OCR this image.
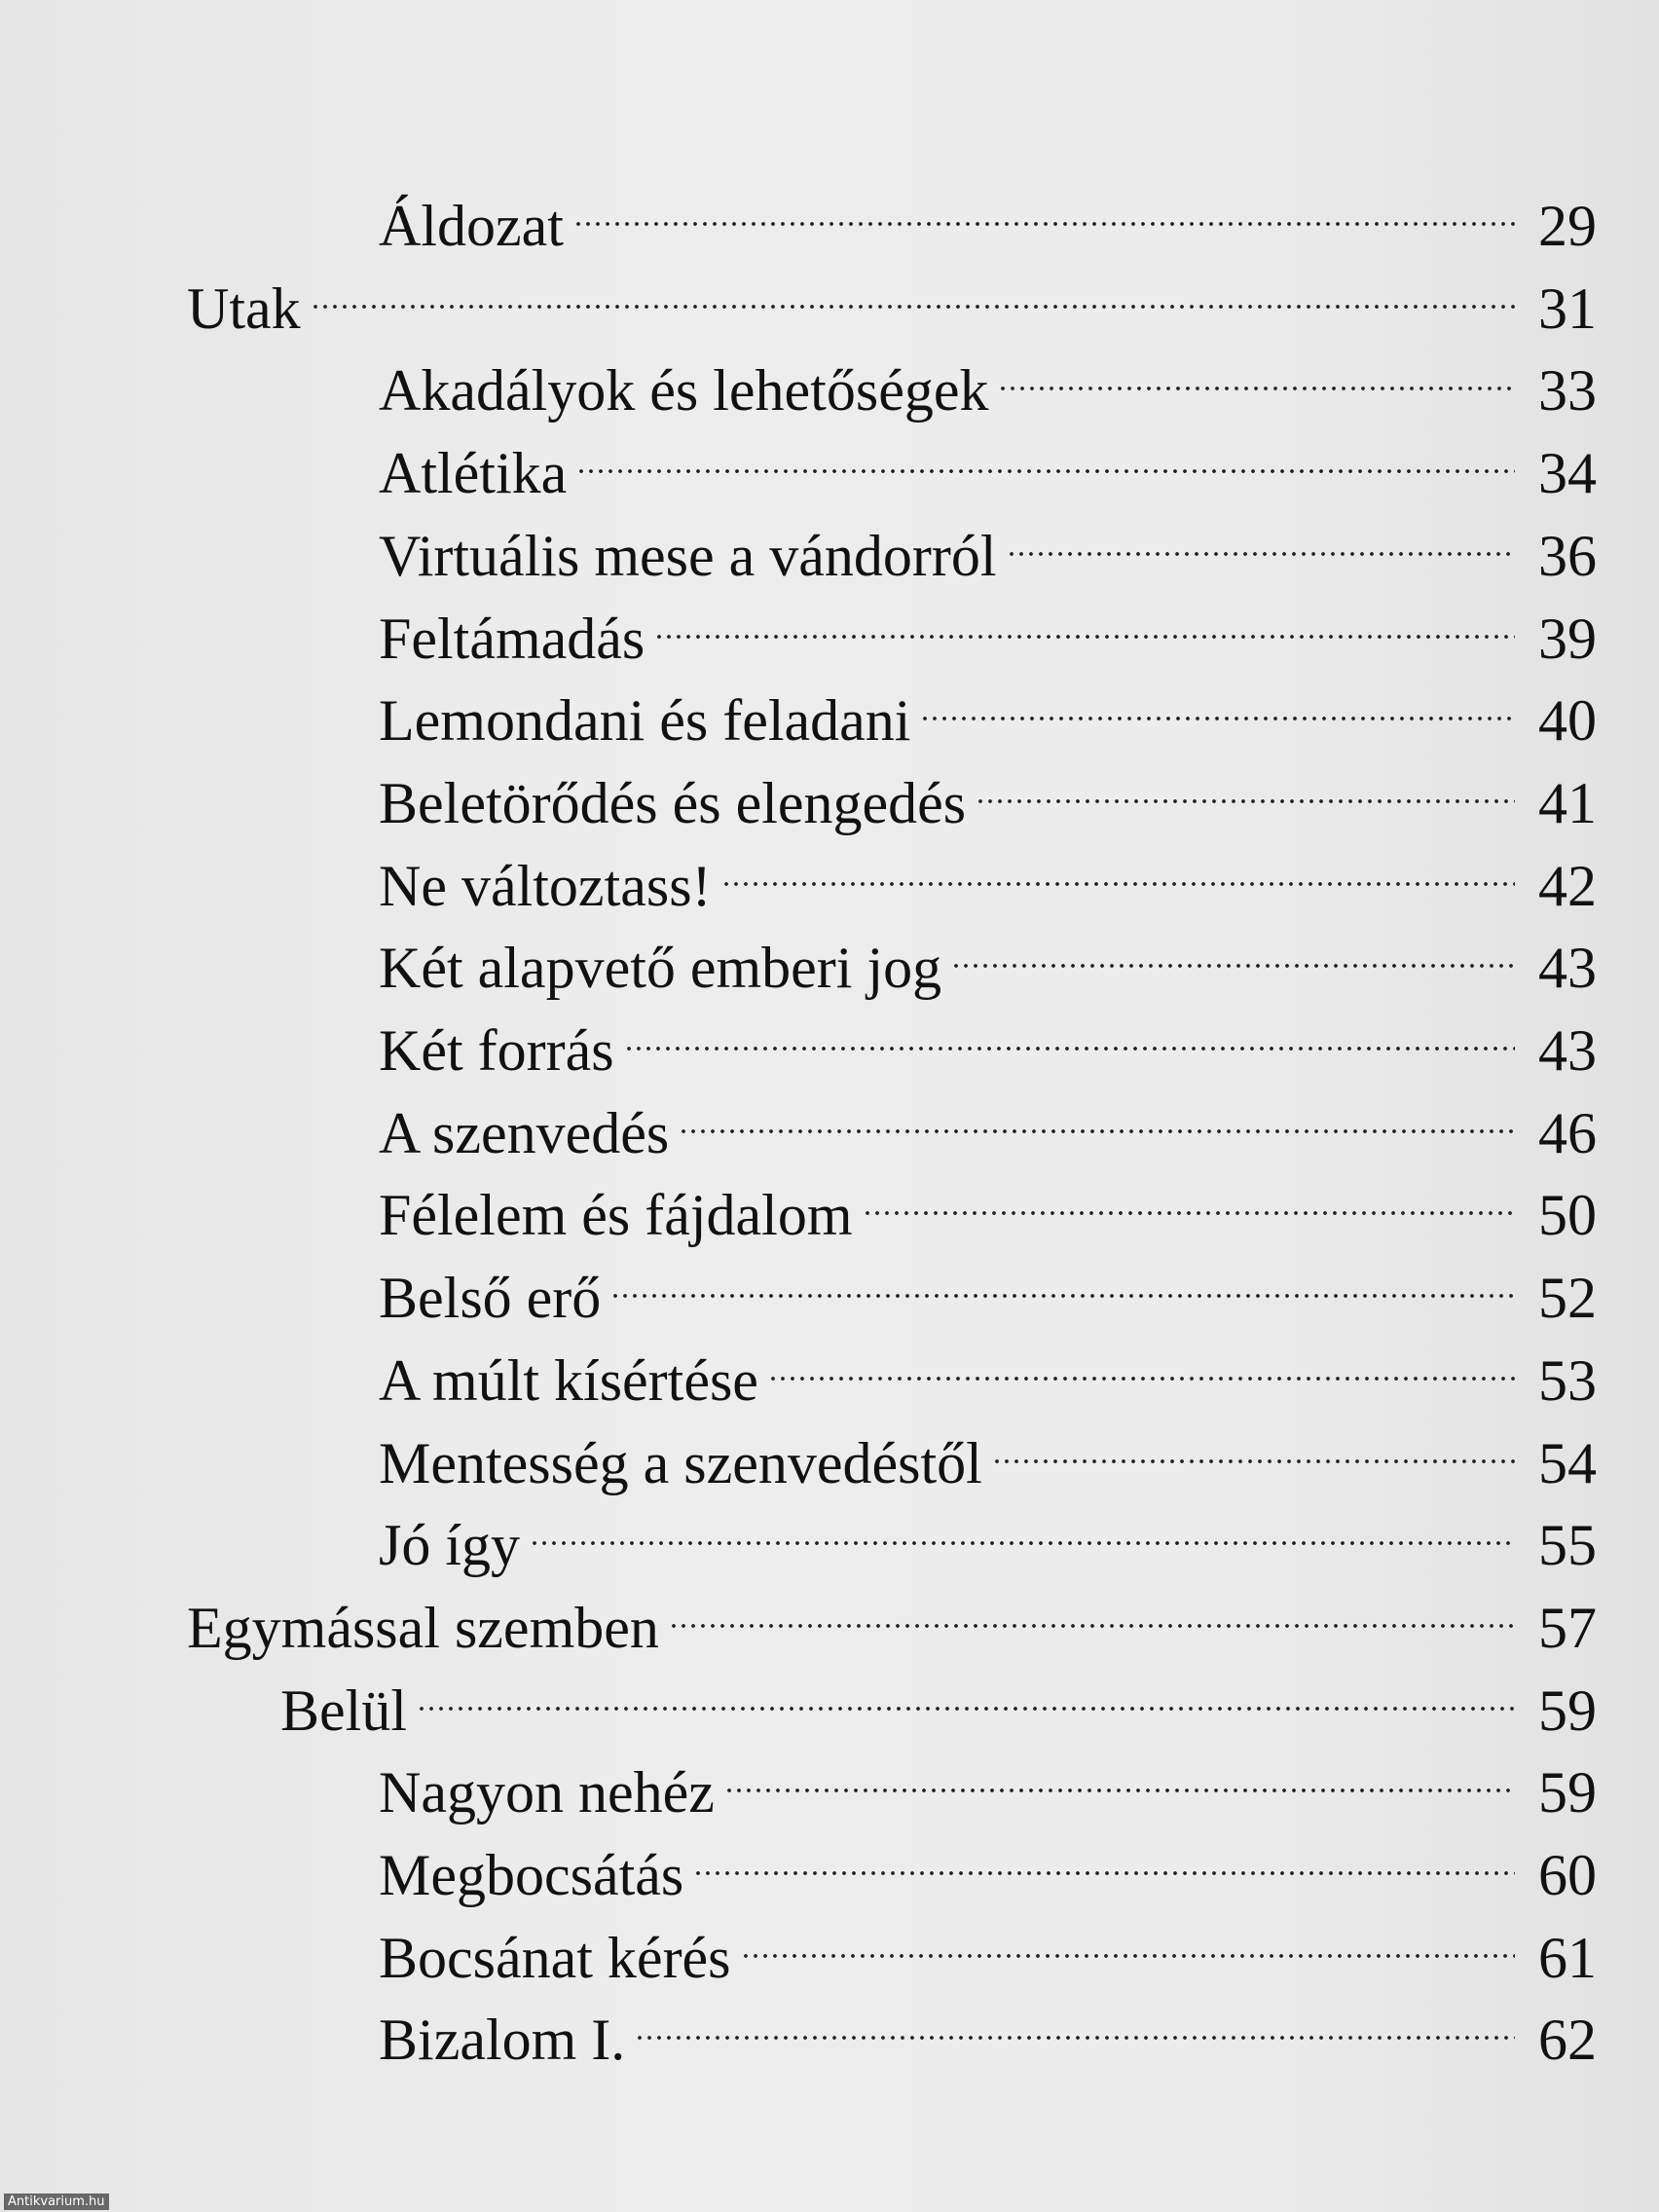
Áldozat	29
Utak	31
Akadályok és lehetőségek	33
Atlétika	34
Virtuális mese a vándorról	36
Feltámadás	39
Lemondani és feladani	40
Beletörődés és elengedés	41
Ne változtass!	42
Két alapvető emberi jog	43
Két forrás	43
A szenvedés	46
Félelem és fájdalom	50
Belső erő	52
A múlt kísértése	53
Mentesség a szenvedéstől	54
Jó így	55
Egymással szemben	57
Belül	59
Nagyon nehéz	59
Megbocsátás	60
Bocsánat kérés	61
Bizalom I.	62
Antikvarium.hu
